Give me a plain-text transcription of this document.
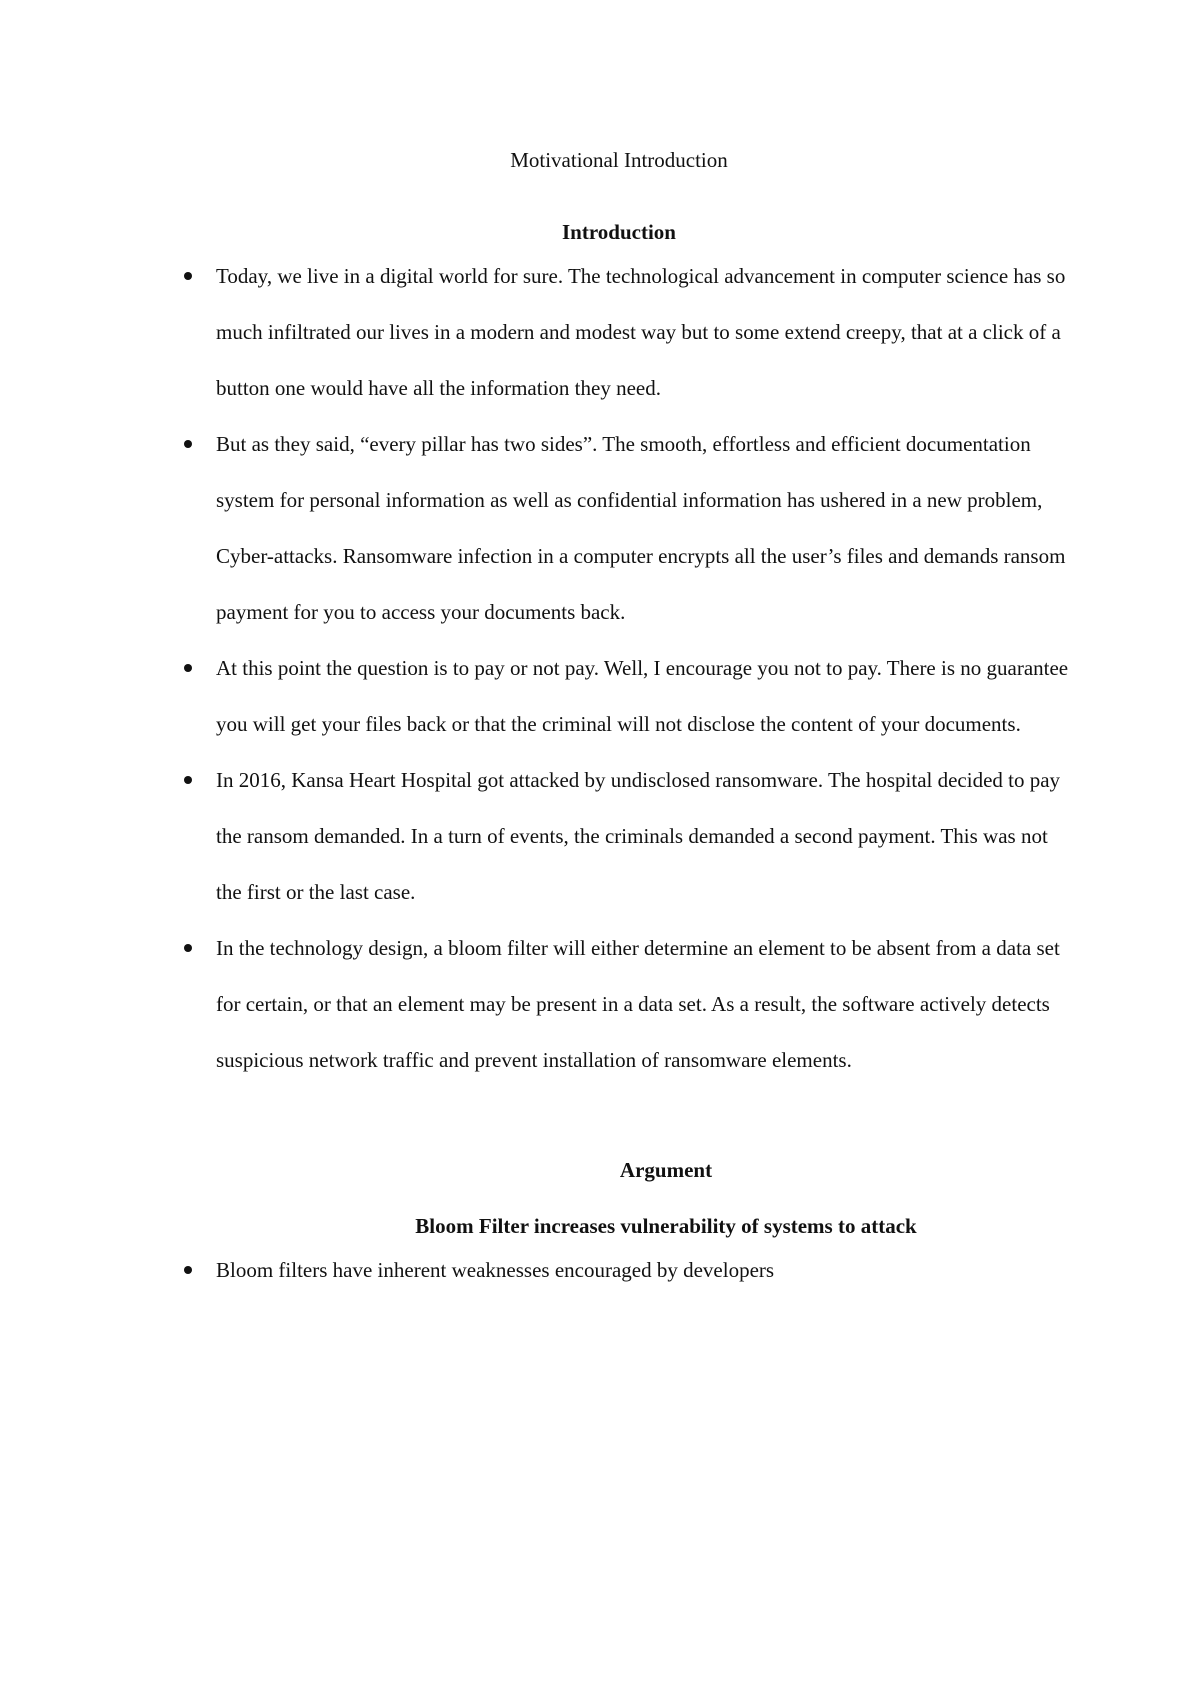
Motivational Introduction

Introduction

Today, we live in a digital world for sure. The technological advancement in computer science has so much infiltrated our lives in a modern and modest way but to some extend creepy, that at a click of a button one would have all the information they need.
But as they said, “every pillar has two sides”. The smooth, effortless and efficient documentation system for personal information as well as confidential information has ushered in a new problem, Cyber-attacks. Ransomware infection in a computer encrypts all the user’s files and demands ransom payment for you to access your documents back.
At this point the question is to pay or not pay. Well, I encourage you not to pay. There is no guarantee you will get your files back or that the criminal will not disclose the content of your documents.
In 2016, Kansa Heart Hospital got attacked by undisclosed ransomware. The hospital decided to pay the ransom demanded. In a turn of events, the criminals demanded a second payment. This was not the first or the last case.
In the technology design, a bloom filter will either determine an element to be absent from a data set for certain, or that an element may be present in a data set. As a result, the software actively detects suspicious network traffic and prevent installation of ransomware elements.

Argument

Bloom Filter increases vulnerability of systems to attack

Bloom filters have inherent weaknesses encouraged by developers
